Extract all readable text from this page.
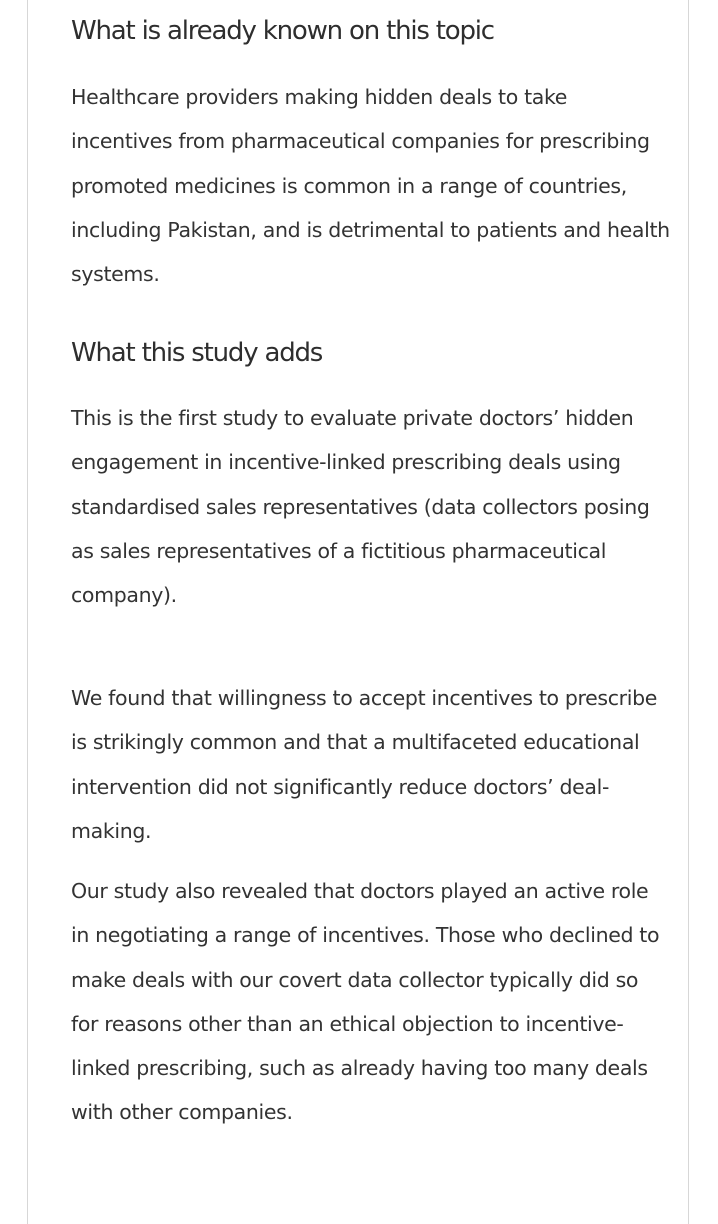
What is already known on this topic

Healthcare providers making hidden deals to take incentives from pharmaceutical companies for prescribing promoted medicines is common in a range of countries, including Pakistan, and is detrimental to patients and health systems.

What this study adds

This is the first study to evaluate private doctors’ hidden engagement in incentive-linked prescribing deals using standardised sales representatives (data collectors posing as sales representatives of a fictitious pharmaceutical company).

We found that willingness to accept incentives to prescribe is strikingly common and that a multifaceted educational intervention did not significantly reduce doctors’ deal-making.

Our study also revealed that doctors played an active role in negotiating a range of incentives. Those who declined to make deals with our covert data collector typically did so for reasons other than an ethical objection to incentive-linked prescribing, such as already having too many deals with other companies.
